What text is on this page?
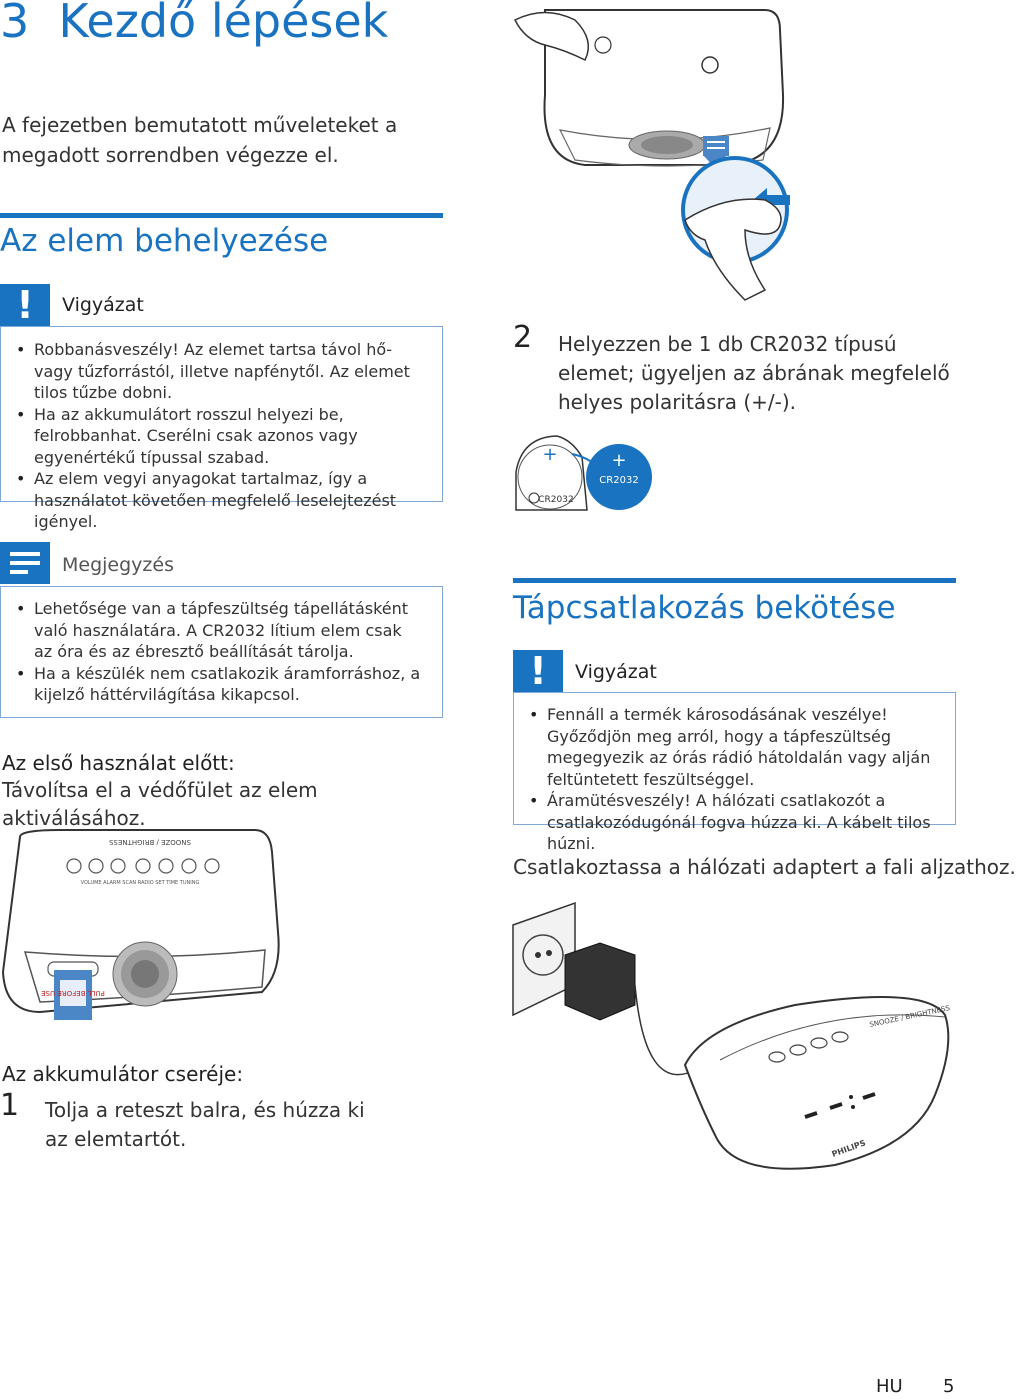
3 Kezdő lépések
A fejezetben bemutatott műveleteket a megadott sorrendben végezze el.
Az elem behelyezése
!	Vigyázat
• Robbanásveszély! Az elemet tartsa távol hő- vagy tűzforrástól, illetve napfénytől. Az elemet tilos tűzbe dobni.
• Ha az akkumulátort rosszul helyezi be, felrobbanhat. Cserélni csak azonos vagy egyenértékű típussal szabad.
• Az elem vegyi anyagokat tartalmaz, így a használatot követően megfelelő leselejtezést igényel.
Megjegyzés
• Lehetősége van a tápfeszültség tápellátásként való használatára. A CR2032 lítium elem csak az óra és az ébresztő beállítását tárolja.
• Ha a készülék nem csatlakozik áramforráshoz, a kijelző háttérvilágítása kikapcsol.
Az első használat előtt:
Távolítsa el a védőfület az elem aktiválásához.
SNOOZE / BRIGHTNESS
VOLUME ALARM SCAN RADIO SET TIME TUNING
PULL BEFORE USE
Az akkumulátor cseréje:
1 Tolja a reteszt balra, és húzza ki az elemtartót.
2 Helyezzen be 1 db CR2032 típusú elemet; ügyeljen az ábrának megfelelő helyes polaritásra (+/-).
+
CR2032
+
CR2032
Tápcsatlakozás bekötése
!	Vigyázat
• Fennáll a termék károsodásának veszélye! Győződjön meg arról, hogy a tápfeszültség megegyezik az órás rádió hátoldalán vagy alján feltüntetett feszültséggel.
• Áramütésveszély! A hálózati csatlakozót a csatlakozódugónál fogva húzza ki. A kábelt tilos húzni.
Csatlakoztassa a hálózati adaptert a fali aljzathoz.
SNOOZE / BRIGHTNESS
PHILIPS
HU 5
